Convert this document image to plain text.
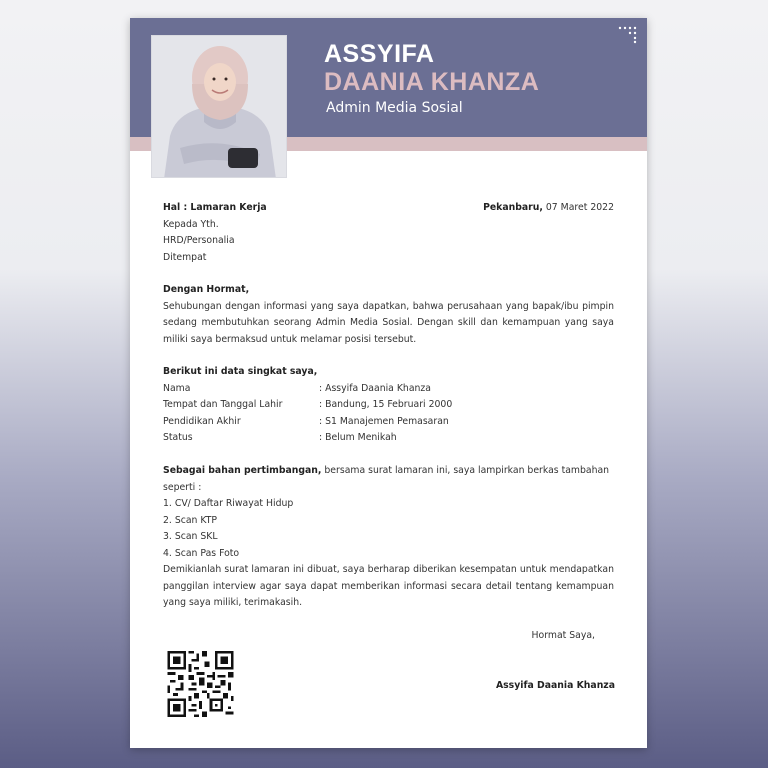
ASSYIFA
DAANIA KHANZA
Admin Media Sosial
Hal : Lamaran Kerja	Pekanbaru, 07 Maret 2022
Kepada Yth.
HRD/Personalia
Ditempat
Dengan Hormat,
Sehubungan dengan informasi yang saya dapatkan, bahwa perusahaan yang bapak/ibu pimpin sedang membutuhkan seorang Admin Media Sosial. Dengan skill dan kemampuan yang saya miliki saya bermaksud untuk melamar posisi tersebut.
Berikut ini data singkat saya,
Nama	: Assyifa Daania Khanza
Tempat dan Tanggal Lahir	: Bandung, 15 Februari 2000
Pendidikan Akhir	: S1 Manajemen Pemasaran
Status	: Belum Menikah
Sebagai bahan pertimbangan, bersama surat lamaran ini, saya lampirkan berkas tambahan seperti :
1. CV/ Daftar Riwayat Hidup
2. Scan KTP
3. Scan SKL
4. Scan Pas Foto
Demikianlah surat lamaran ini dibuat, saya berharap diberikan kesempatan untuk mendapatkan panggilan interview agar saya dapat memberikan informasi secara detail tentang kemampuan yang saya miliki, terimakasih.
Hormat Saya,
Assyifa Daania Khanza
